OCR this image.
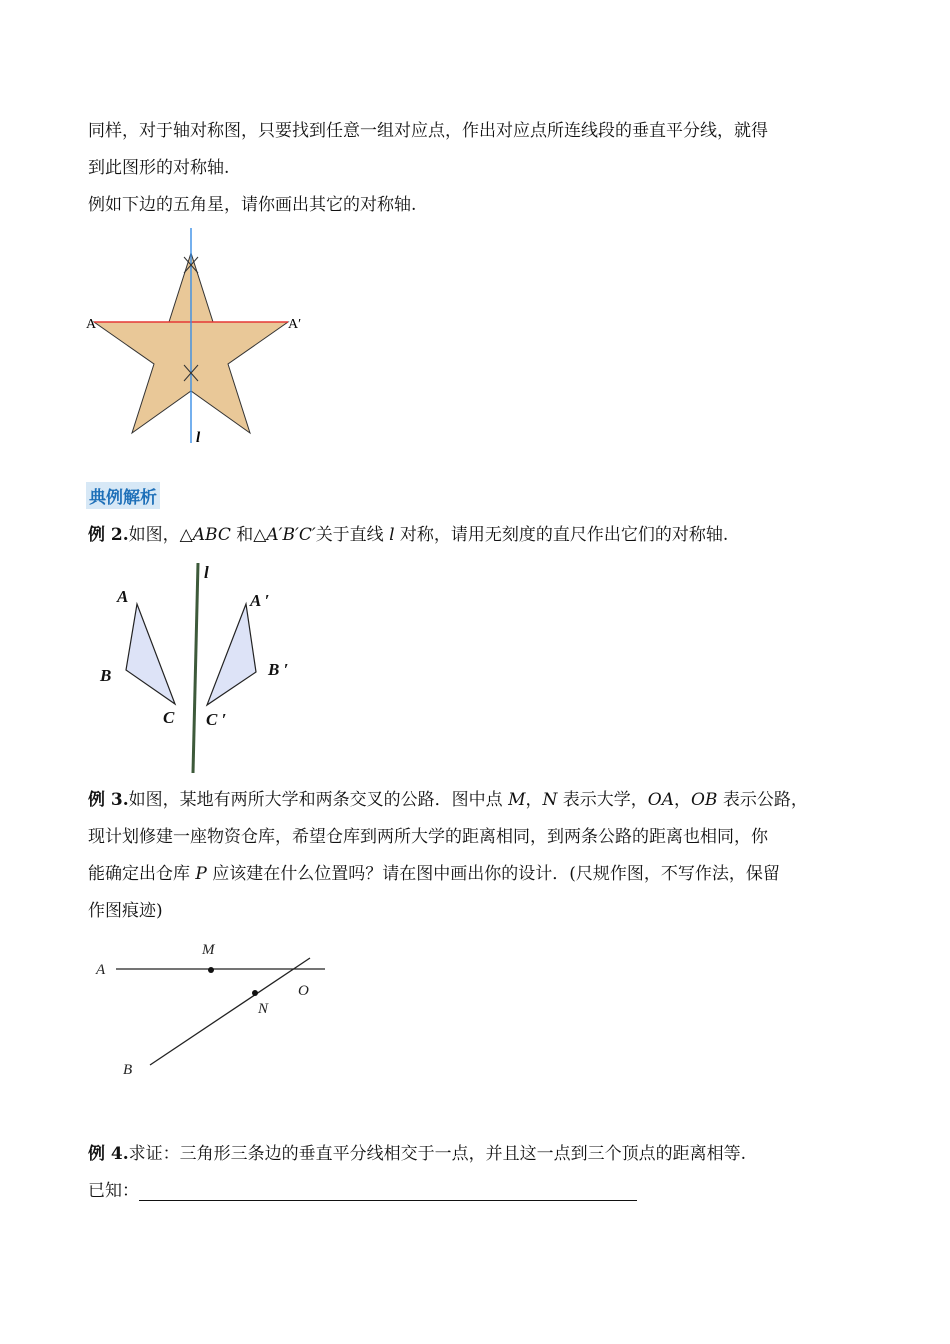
同样，对于轴对称图，只要找到任意一组对应点，作出对应点所连线段的垂直平分线，就得
到此图形的对称轴.
例如下边的五角星，请你画出其它的对称轴.
A	A′
l
典例解析
例 2.如图，△ABC 和△A′B′C′关于直线 l 对称，请用无刻度的直尺作出它们的对称轴.
l
A
B
C
A ′
B ′
C ′
例 3.如图，某地有两所大学和两条交叉的公路．图中点 M，N 表示大学，OA，OB 表示公路，
现计划修建一座物资仓库，希望仓库到两所大学的距离相同，到两条公路的距离也相同，你
能确定出仓库 P 应该建在什么位置吗？请在图中画出你的设计．(尺规作图，不写作法，保留
作图痕迹)
A
M
N
O
B
例 4.求证：三角形三条边的垂直平分线相交于一点，并且这一点到三个顶点的距离相等.
已知：
